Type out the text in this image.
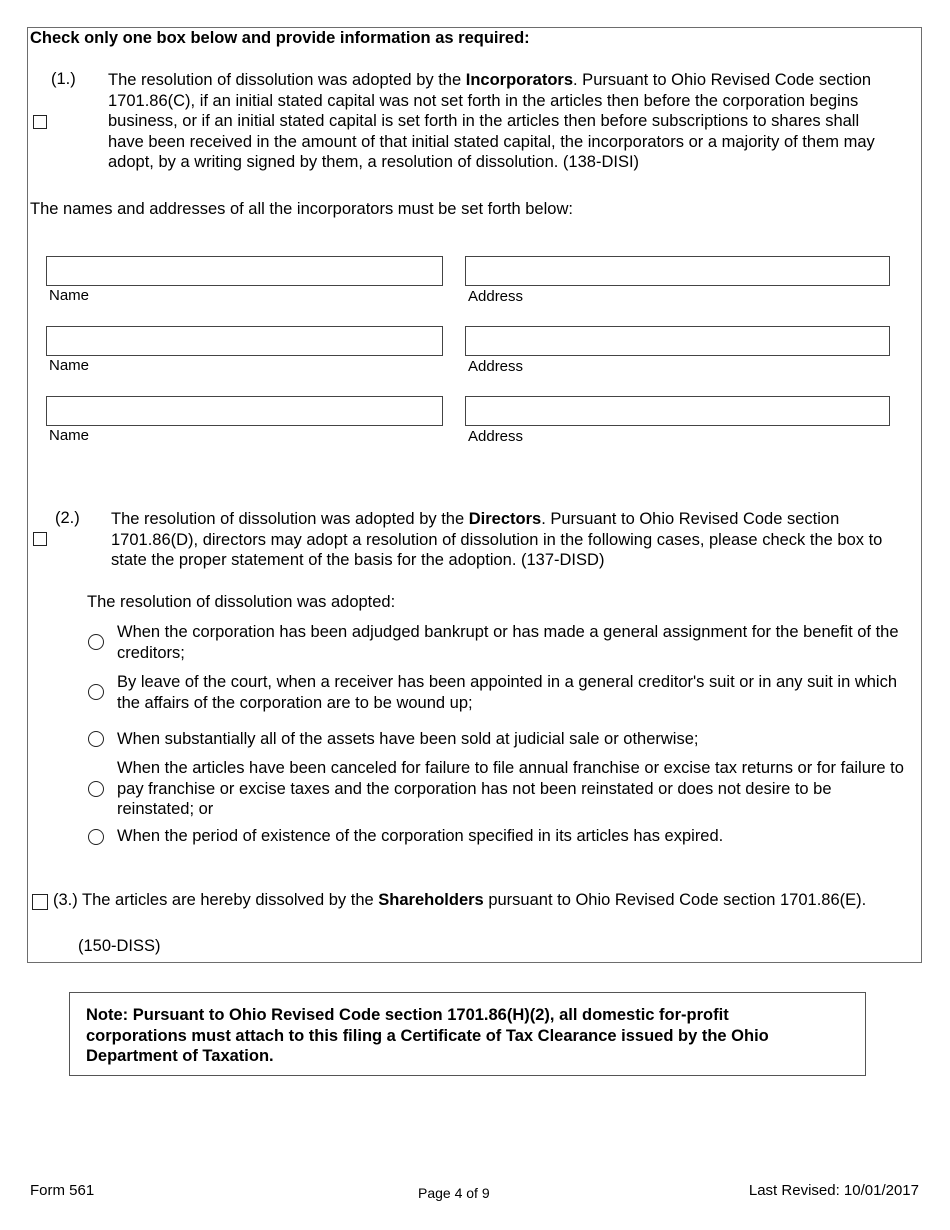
Check only one box below and provide information as required:
(1.) The resolution of dissolution was adopted by the Incorporators. Pursuant to Ohio Revised Code section 1701.86(C), if an initial stated capital was not set forth in the articles then before the corporation begins business, or if an initial stated capital is set forth in the articles then before subscriptions to shares shall have been received in the amount of that initial stated capital, the incorporators or a majority of them may adopt, by a writing signed by them, a resolution of dissolution. (138-DISI)
The names and addresses of all the incorporators must be set forth below:
Name	Address
Name	Address
Name	Address
(2.) The resolution of dissolution was adopted by the Directors. Pursuant to Ohio Revised Code section 1701.86(D), directors may adopt a resolution of dissolution in the following cases, please check the box to state the proper statement of the basis for the adoption. (137-DISD)
The resolution of dissolution was adopted:
When the corporation has been adjudged bankrupt or has made a general assignment for the benefit of the creditors;
By leave of the court, when a receiver has been appointed in a general creditor's suit or in any suit in which the affairs of the corporation are to be wound up;
When substantially all of the assets have been sold at judicial sale or otherwise;
When the articles have been canceled for failure to file annual franchise or excise tax returns or for failure to pay franchise or excise taxes and the corporation has not been reinstated or does not desire to be reinstated; or
When the period of existence of the corporation specified in its articles has expired.
(3.) The articles are hereby dissolved by the Shareholders pursuant to Ohio Revised Code section 1701.86(E).
(150-DISS)
Note: Pursuant to Ohio Revised Code section 1701.86(H)(2), all domestic for-profit corporations must attach to this filing a Certificate of Tax Clearance issued by the Ohio Department of Taxation.
Form 561	Page 4 of 9	Last Revised: 10/01/2017
